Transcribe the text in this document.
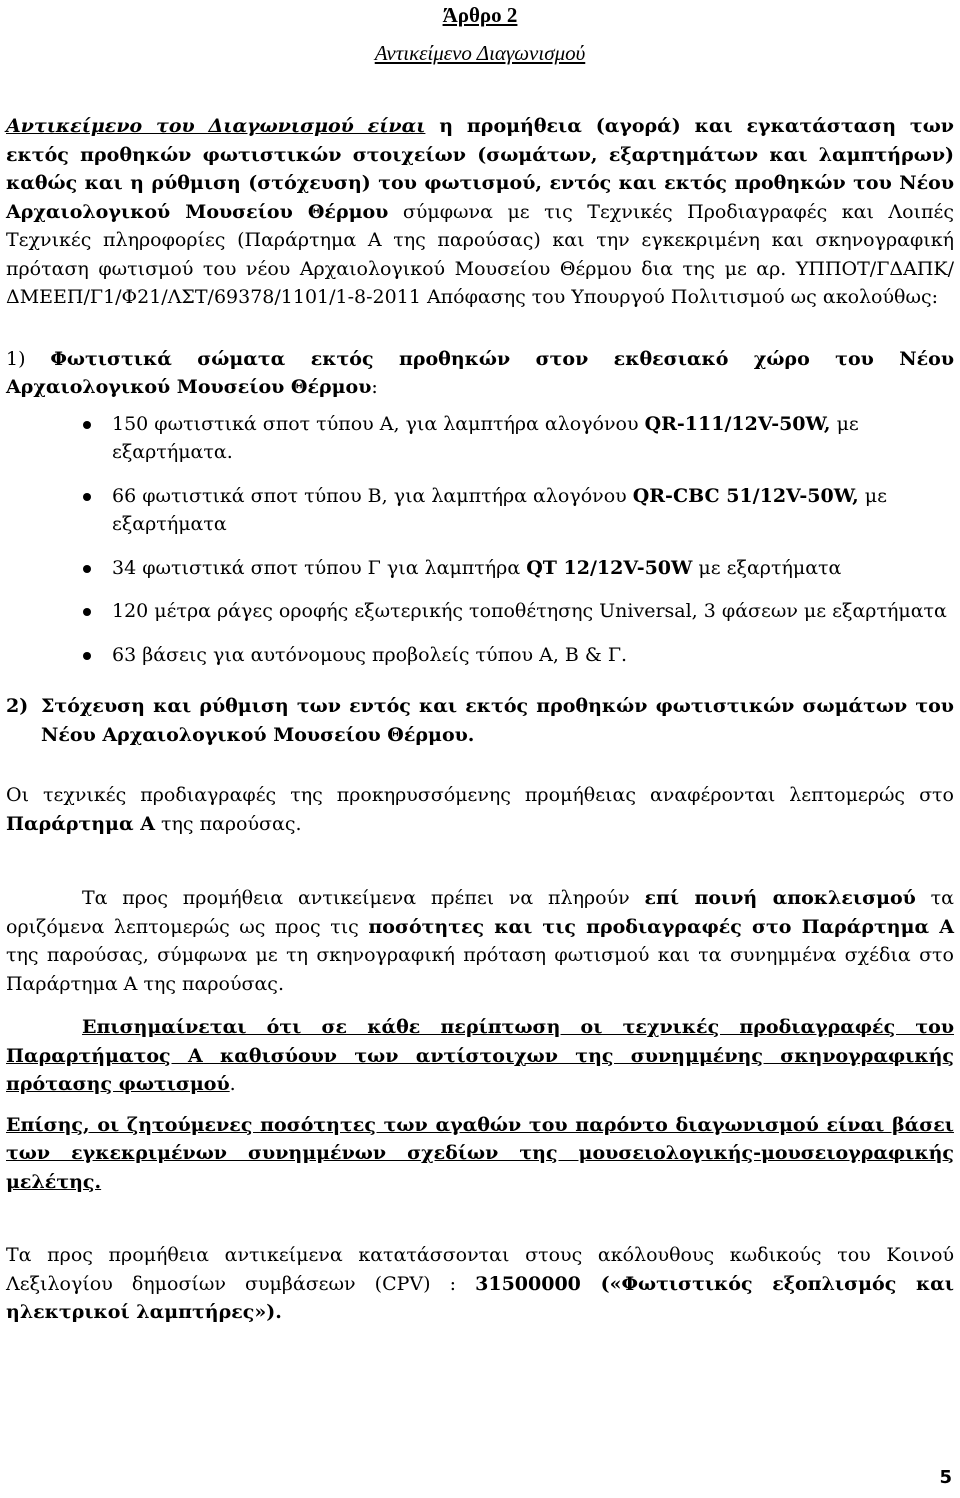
Άρθρο 2
Αντικείμενο Διαγωνισμού

Αντικείμενο του Διαγωνισμού είναι η προμήθεια (αγορά) και εγκατάσταση των εκτός προθηκών φωτιστικών στοιχείων (σωμάτων, εξαρτημάτων και λαμπτήρων) καθώς και η ρύθμιση (στόχευση) του φωτισμού, εντός και εκτός προθηκών του Νέου Αρχαιολογικού Μουσείου Θέρμου σύμφωνα με τις Τεχνικές Προδιαγραφές και Λοιπές Τεχνικές πληροφορίες (Παράρτημα Α της παρούσας) και την εγκεκριμένη και σκηνογραφική πρόταση φωτισμού του νέου Αρχαιολογικού Μουσείου Θέρμου δια της με αρ. ΥΠΠΟΤ/ΓΔΑΠΚ/ΔΜΕΕΠ/Γ1/Φ21/ΛΣΤ/69378/1101/1-8-2011 Απόφασης του Υπουργού Πολιτισμού ως ακολούθως:

1) Φωτιστικά σώματα εκτός προθηκών στον εκθεσιακό χώρο του Νέου Αρχαιολογικού Μουσείου Θέρμου:

150 φωτιστικά σποτ τύπου Α, για λαμπτήρα αλογόνου QR-111/12V-50W, με εξαρτήματα.
66 φωτιστικά σποτ τύπου Β, για λαμπτήρα αλογόνου QR-CBC 51/12V-50W, με εξαρτήματα
34 φωτιστικά σποτ τύπου Γ για λαμπτήρα QT 12/12V-50W με εξαρτήματα
120 μέτρα ράγες οροφής εξωτερικής τοποθέτησης Universal, 3 φάσεων με εξαρτήματα
63 βάσεις για αυτόνομους προβολείς τύπου Α, Β & Γ.
2) Στόχευση και ρύθμιση των εντός και εκτός προθηκών φωτιστικών σωμάτων του Νέου Αρχαιολογικού Μουσείου Θέρμου.

Οι τεχνικές προδιαγραφές της προκηρυσσόμενης προμήθειας αναφέρονται λεπτομερώς στο Παράρτημα Α της παρούσας.

Τα προς προμήθεια αντικείμενα πρέπει να πληρούν επί ποινή αποκλεισμού τα οριζόμενα λεπτομερώς ως προς τις ποσότητες και τις προδιαγραφές στο Παράρτημα Α της παρούσας, σύμφωνα με τη σκηνογραφική πρόταση φωτισμού και τα συνημμένα σχέδια στο Παράρτημα Α της παρούσας.

Επισημαίνεται ότι σε κάθε περίπτωση οι τεχνικές προδιαγραφές του Παραρτήματος Α καθισύουν των αντίστοιχων της συνημμένης σκηνογραφικής πρότασης φωτισμού.

Επίσης, οι ζητούμενες ποσότητες των αγαθών του παρόντο διαγωνισμού είναι βάσει των εγκεκριμένων συνημμένων σχεδίων της μουσειολογικής-μουσειογραφικής μελέτης.

Τα προς προμήθεια αντικείμενα κατατάσσονται στους ακόλουθους κωδικούς του Κοινού Λεξιλογίου δημοσίων συμβάσεων (CPV) : 31500000 («Φωτιστικός εξοπλισμός και ηλεκτρικοί λαμπτήρες»).

5
